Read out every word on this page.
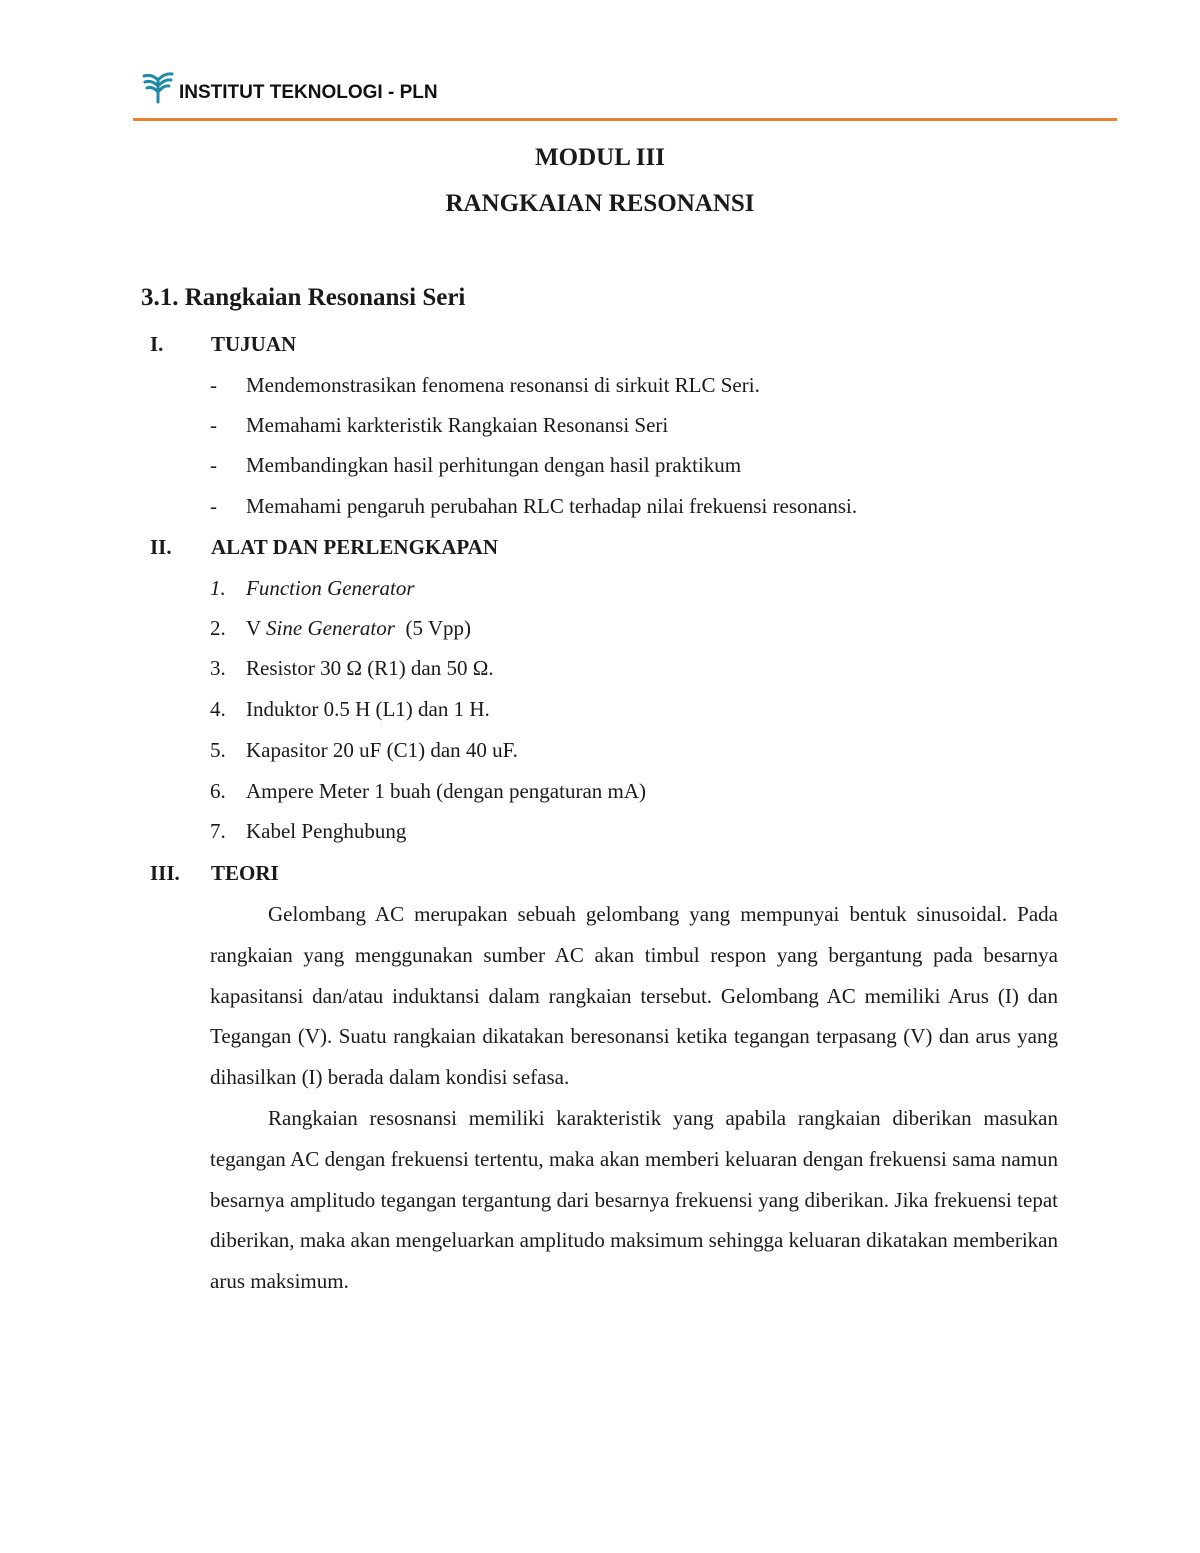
INSTITUT TEKNOLOGI - PLN
MODUL III
RANGKAIAN RESONANSI
3.1. Rangkaian Resonansi Seri
I. TUJUAN
- Mendemonstrasikan fenomena resonansi di sirkuit RLC Seri.
- Memahami karkteristik Rangkaian Resonansi Seri
- Membandingkan hasil perhitungan dengan hasil praktikum
- Memahami pengaruh perubahan RLC terhadap nilai frekuensi resonansi.
II. ALAT DAN PERLENGKAPAN
1. Function Generator
2. V Sine Generator  (5 Vpp)
3. Resistor 30 Ω (R1) dan 50 Ω.
4. Induktor 0.5 H (L1) dan 1 H.
5. Kapasitor 20 uF (C1) dan 40 uF.
6. Ampere Meter 1 buah (dengan pengaturan mA)
7. Kabel Penghubung
III. TEORI

Gelombang AC merupakan sebuah gelombang yang mempunyai bentuk sinusoidal. Pada rangkaian yang menggunakan sumber AC akan timbul respon yang bergantung pada besarnya kapasitansi dan/atau induktansi dalam rangkaian tersebut. Gelombang AC memiliki Arus (I) dan Tegangan (V). Suatu rangkaian dikatakan beresonansi ketika tegangan terpasang (V) dan arus yang dihasilkan (I) berada dalam kondisi sefasa.

Rangkaian resosnansi memiliki karakteristik yang apabila rangkaian diberikan masukan tegangan AC dengan frekuensi tertentu, maka akan memberi keluaran dengan frekuensi sama namun besarnya amplitudo tegangan tergantung dari besarnya frekuensi yang diberikan. Jika frekuensi tepat diberikan, maka akan mengeluarkan amplitudo maksimum sehingga keluaran dikatakan memberikan arus maksimum.
